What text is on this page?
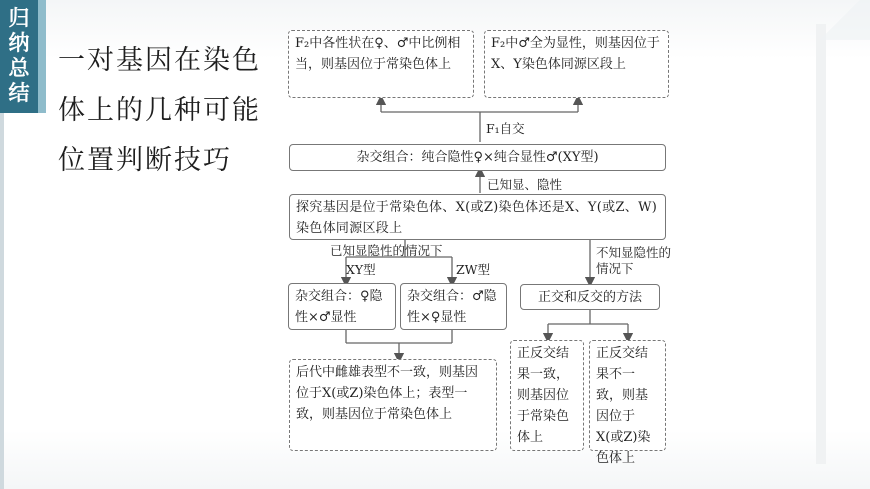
归纳
总结
一对基因在染色体上的几种可能位置判断技巧
F₂中各性状在♀、♂中比例相当，则基因位于常染色体上
F₂中♂全为显性，则基因位于X、Y染色体同源区段上
F₁自交
杂交组合：纯合隐性♀×纯合显性♂(XY型)
已知显、隐性
探究基因是位于常染色体、X(或Z)染色体还是X、Y(或Z、W)染色体同源区段上
已知显隐性的情况下
XY型	ZW型
不知显隐性的情况下
杂交组合：♀隐性×♂显性
杂交组合：♂隐性×♀显性
正交和反交的方法
后代中雌雄表型不一致，则基因位于X(或Z)染色体上；表型一致，则基因位于常染色体上
正反交结果一致，则基因位于常染色体上
正反交结果不一致，则基因位于X(或Z)染色体上
